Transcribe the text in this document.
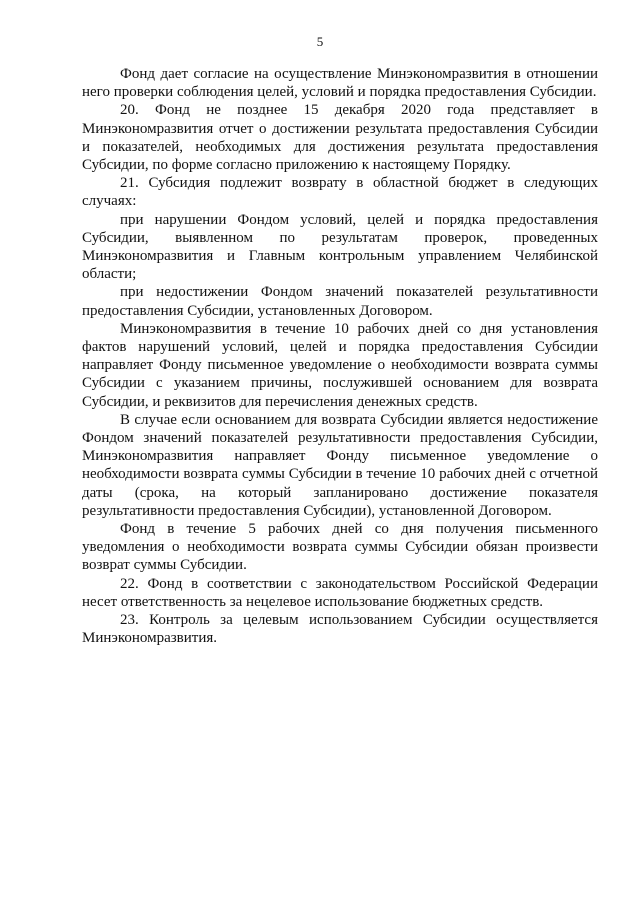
5

Фонд дает согласие на осуществление Минэкономразвития в отношении него проверки соблюдения целей, условий и порядка предоставления Субсидии.

20. Фонд не позднее 15 декабря 2020 года представляет в Минэкономразвития отчет о достижении результата предоставления Субсидии и показателей, необходимых для достижения результата предоставления Субсидии, по форме согласно приложению к настоящему Порядку.

21. Субсидия подлежит возврату в областной бюджет в следующих случаях:

при нарушении Фондом условий, целей и порядка предоставления Субсидии, выявленном по результатам проверок, проведенных Минэкономразвития и Главным контрольным управлением Челябинской области;

при недостижении Фондом значений показателей результативности предоставления Субсидии, установленных Договором.

Минэкономразвития в течение 10 рабочих дней со дня установления фактов нарушений условий, целей и порядка предоставления Субсидии направляет Фонду письменное уведомление о необходимости возврата суммы Субсидии с указанием причины, послужившей основанием для возврата Субсидии, и реквизитов для перечисления денежных средств.

В случае если основанием для возврата Субсидии является недостижение Фондом значений показателей результативности предоставления Субсидии, Минэкономразвития направляет Фонду письменное уведомление о необходимости возврата суммы Субсидии в течение 10 рабочих дней с отчетной даты (срока, на который запланировано достижение показателя результативности предоставления Субсидии), установленной Договором.

Фонд в течение 5 рабочих дней со дня получения письменного уведомления о необходимости возврата суммы Субсидии обязан произвести возврат суммы Субсидии.

22. Фонд в соответствии с законодательством Российской Федерации несет ответственность за нецелевое использование бюджетных средств.

23. Контроль за целевым использованием Субсидии осуществляется Минэкономразвития.
